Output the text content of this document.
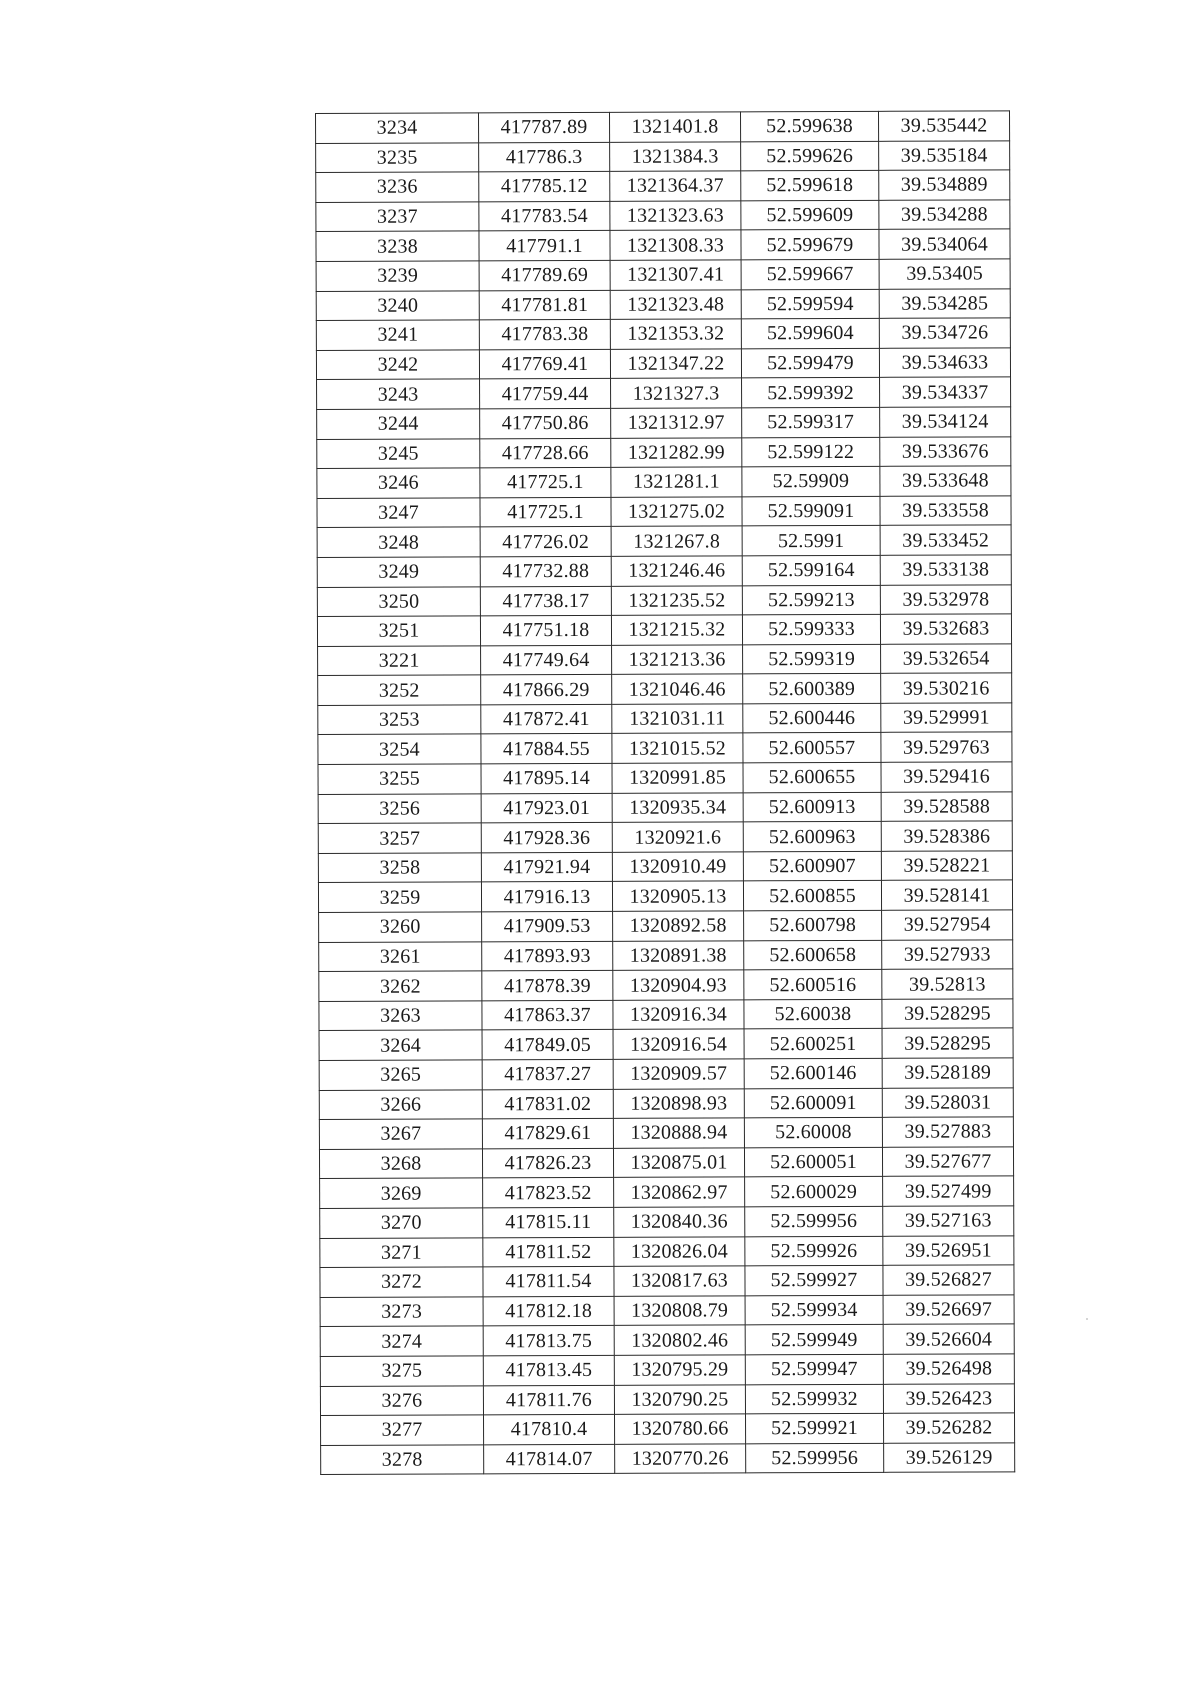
3234	417787.89	1321401.8	52.599638	39.535442
3235	417786.3	1321384.3	52.599626	39.535184
3236	417785.12	1321364.37	52.599618	39.534889
3237	417783.54	1321323.63	52.599609	39.534288
3238	417791.1	1321308.33	52.599679	39.534064
3239	417789.69	1321307.41	52.599667	39.53405
3240	417781.81	1321323.48	52.599594	39.534285
3241	417783.38	1321353.32	52.599604	39.534726
3242	417769.41	1321347.22	52.599479	39.534633
3243	417759.44	1321327.3	52.599392	39.534337
3244	417750.86	1321312.97	52.599317	39.534124
3245	417728.66	1321282.99	52.599122	39.533676
3246	417725.1	1321281.1	52.59909	39.533648
3247	417725.1	1321275.02	52.599091	39.533558
3248	417726.02	1321267.8	52.5991	39.533452
3249	417732.88	1321246.46	52.599164	39.533138
3250	417738.17	1321235.52	52.599213	39.532978
3251	417751.18	1321215.32	52.599333	39.532683
3221	417749.64	1321213.36	52.599319	39.532654
3252	417866.29	1321046.46	52.600389	39.530216
3253	417872.41	1321031.11	52.600446	39.529991
3254	417884.55	1321015.52	52.600557	39.529763
3255	417895.14	1320991.85	52.600655	39.529416
3256	417923.01	1320935.34	52.600913	39.528588
3257	417928.36	1320921.6	52.600963	39.528386
3258	417921.94	1320910.49	52.600907	39.528221
3259	417916.13	1320905.13	52.600855	39.528141
3260	417909.53	1320892.58	52.600798	39.527954
3261	417893.93	1320891.38	52.600658	39.527933
3262	417878.39	1320904.93	52.600516	39.52813
3263	417863.37	1320916.34	52.60038	39.528295
3264	417849.05	1320916.54	52.600251	39.528295
3265	417837.27	1320909.57	52.600146	39.528189
3266	417831.02	1320898.93	52.600091	39.528031
3267	417829.61	1320888.94	52.60008	39.527883
3268	417826.23	1320875.01	52.600051	39.527677
3269	417823.52	1320862.97	52.600029	39.527499
3270	417815.11	1320840.36	52.599956	39.527163
3271	417811.52	1320826.04	52.599926	39.526951
3272	417811.54	1320817.63	52.599927	39.526827
3273	417812.18	1320808.79	52.599934	39.526697
3274	417813.75	1320802.46	52.599949	39.526604
3275	417813.45	1320795.29	52.599947	39.526498
3276	417811.76	1320790.25	52.599932	39.526423
3277	417810.4	1320780.66	52.599921	39.526282
3278	417814.07	1320770.26	52.599956	39.526129
